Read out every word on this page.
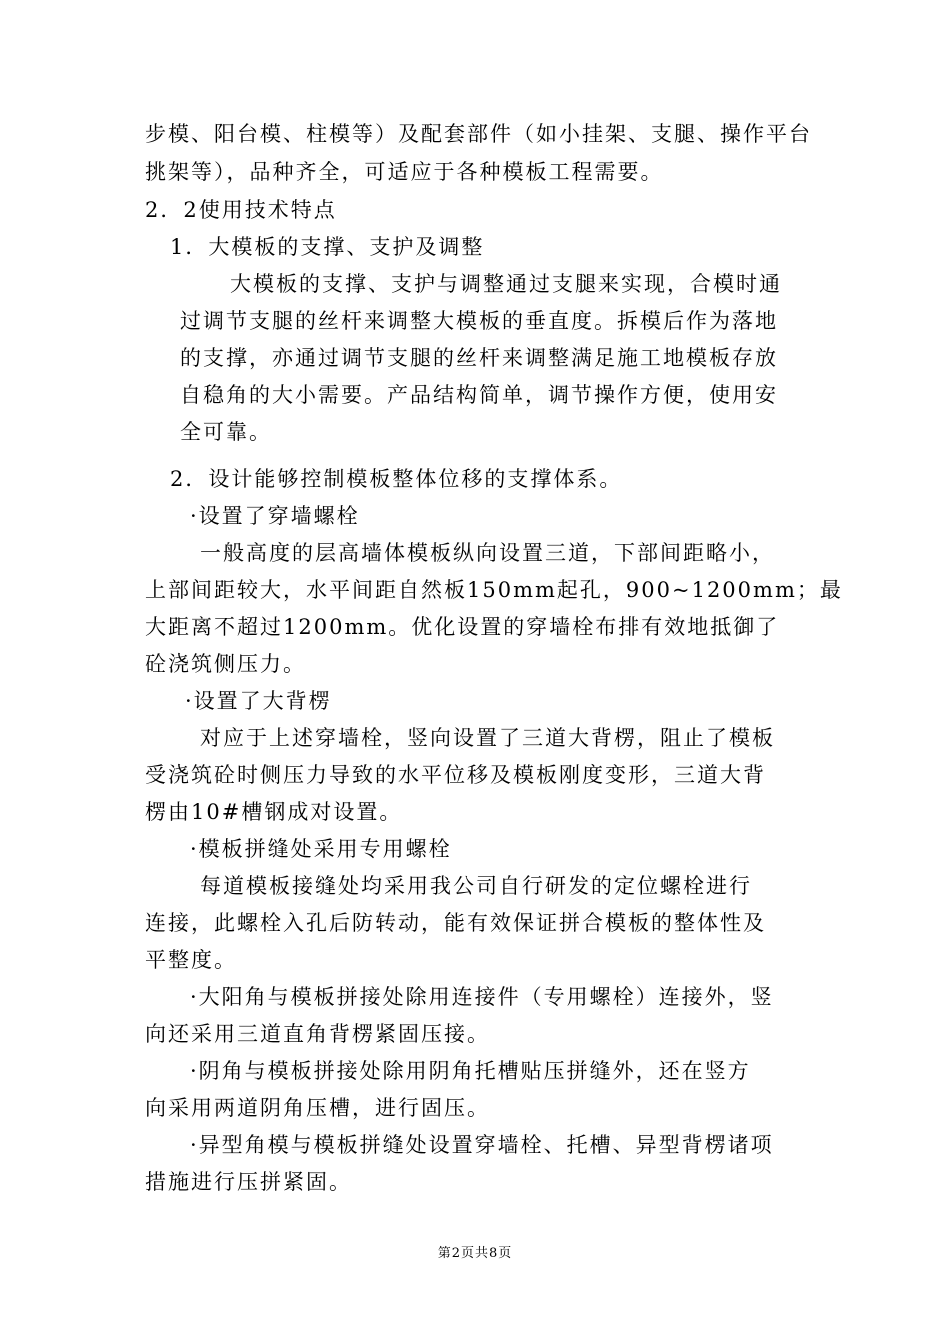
步模、阳台模、柱模等）及配套部件（如小挂架、支腿、操作平台

挑架等），品种齐全，可适应于各种模板工程需要。

2．2使用技术特点

1．大模板的支撑、支护及调整

大模板的支撑、支护与调整通过支腿来实现，合模时通

过调节支腿的丝杆来调整大模板的垂直度。拆模后作为落地

的支撑，亦通过调节支腿的丝杆来调整满足施工地模板存放

自稳角的大小需要。产品结构简单，调节操作方便，使用安

全可靠。

2．设计能够控制模板整体位移的支撑体系。

·设置了穿墙螺栓

一般高度的层高墙体模板纵向设置三道，下部间距略小，

上部间距较大，水平间距自然板150mm起孔，900~1200mm；最

大距离不超过1200mm。优化设置的穿墙栓布排有效地抵御了

砼浇筑侧压力。

·设置了大背楞

对应于上述穿墙栓，竖向设置了三道大背楞，阻止了模板

受浇筑砼时侧压力导致的水平位移及模板刚度变形，三道大背

楞由10#槽钢成对设置。

·模板拼缝处采用专用螺栓

每道模板接缝处均采用我公司自行研发的定位螺栓进行

连接，此螺栓入孔后防转动，能有效保证拼合模板的整体性及

平整度。

·大阳角与模板拼接处除用连接件（专用螺栓）连接外，竖

向还采用三道直角背楞紧固压接。

·阴角与模板拼接处除用阴角托槽贴压拼缝外，还在竖方

向采用两道阴角压槽，进行固压。

·异型角模与模板拼缝处设置穿墙栓、托槽、异型背楞诸项

措施进行压拼紧固。

第2页共8页
